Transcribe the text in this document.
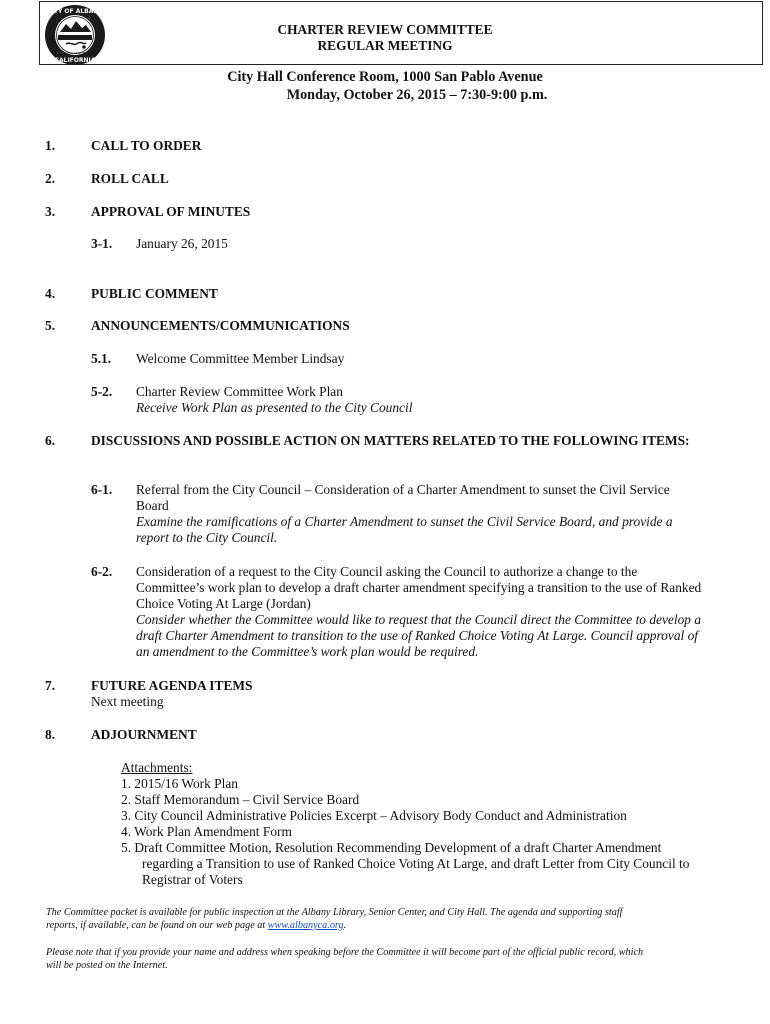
CITY OF ALBANY
CALIFORNIA
URBAN VILLAGE BY THE BAY
CHARTER REVIEW COMMITTEE
REGULAR MEETING
City Hall Conference Room, 1000 San Pablo Avenue
Monday, October 26, 2015 – 7:30-9:00 p.m.
1.	CALL TO ORDER
2.	ROLL CALL
3.	APPROVAL OF MINUTES
3-1. January 26, 2015
4.	PUBLIC COMMENT
5.	ANNOUNCEMENTS/COMMUNICATIONS
5.1. Welcome Committee Member Lindsay
5-2. Charter Review Committee Work Plan
Receive Work Plan as presented to the City Council
6.	DISCUSSIONS AND POSSIBLE ACTION ON MATTERS RELATED TO THE FOLLOWING ITEMS:
6-1. Referral from the City Council – Consideration of a Charter Amendment to sunset the Civil Service
Board
Examine the ramifications of a Charter Amendment to sunset the Civil Service Board, and provide a
report to the City Council.
6-2. Consideration of a request to the City Council asking the Council to authorize a change to the
Committee’s work plan to develop a draft charter amendment specifying a transition to the use of Ranked
Choice Voting At Large (Jordan)
Consider whether the Committee would like to request that the Council direct the Committee to develop a
draft Charter Amendment to transition to the use of Ranked Choice Voting At Large. Council approval of
an amendment to the Committee’s work plan would be required.
7.	FUTURE AGENDA ITEMS
Next meeting
8.	ADJOURNMENT
Attachments:
1. 2015/16 Work Plan
2. Staff Memorandum – Civil Service Board
3. City Council Administrative Policies Excerpt – Advisory Body Conduct and Administration
4. Work Plan Amendment Form
5. Draft Committee Motion, Resolution Recommending Development of a draft Charter Amendment
regarding a Transition to use of Ranked Choice Voting At Large, and draft Letter from City Council to
Registrar of Voters
The Committee packet is available for public inspection at the Albany Library, Senior Center, and City Hall. The agenda and supporting staff
reports, if available, can be found on our web page at www.albanyca.org.
Please note that if you provide your name and address when speaking before the Committee it will become part of the official public record, which
will be posted on the Internet.
